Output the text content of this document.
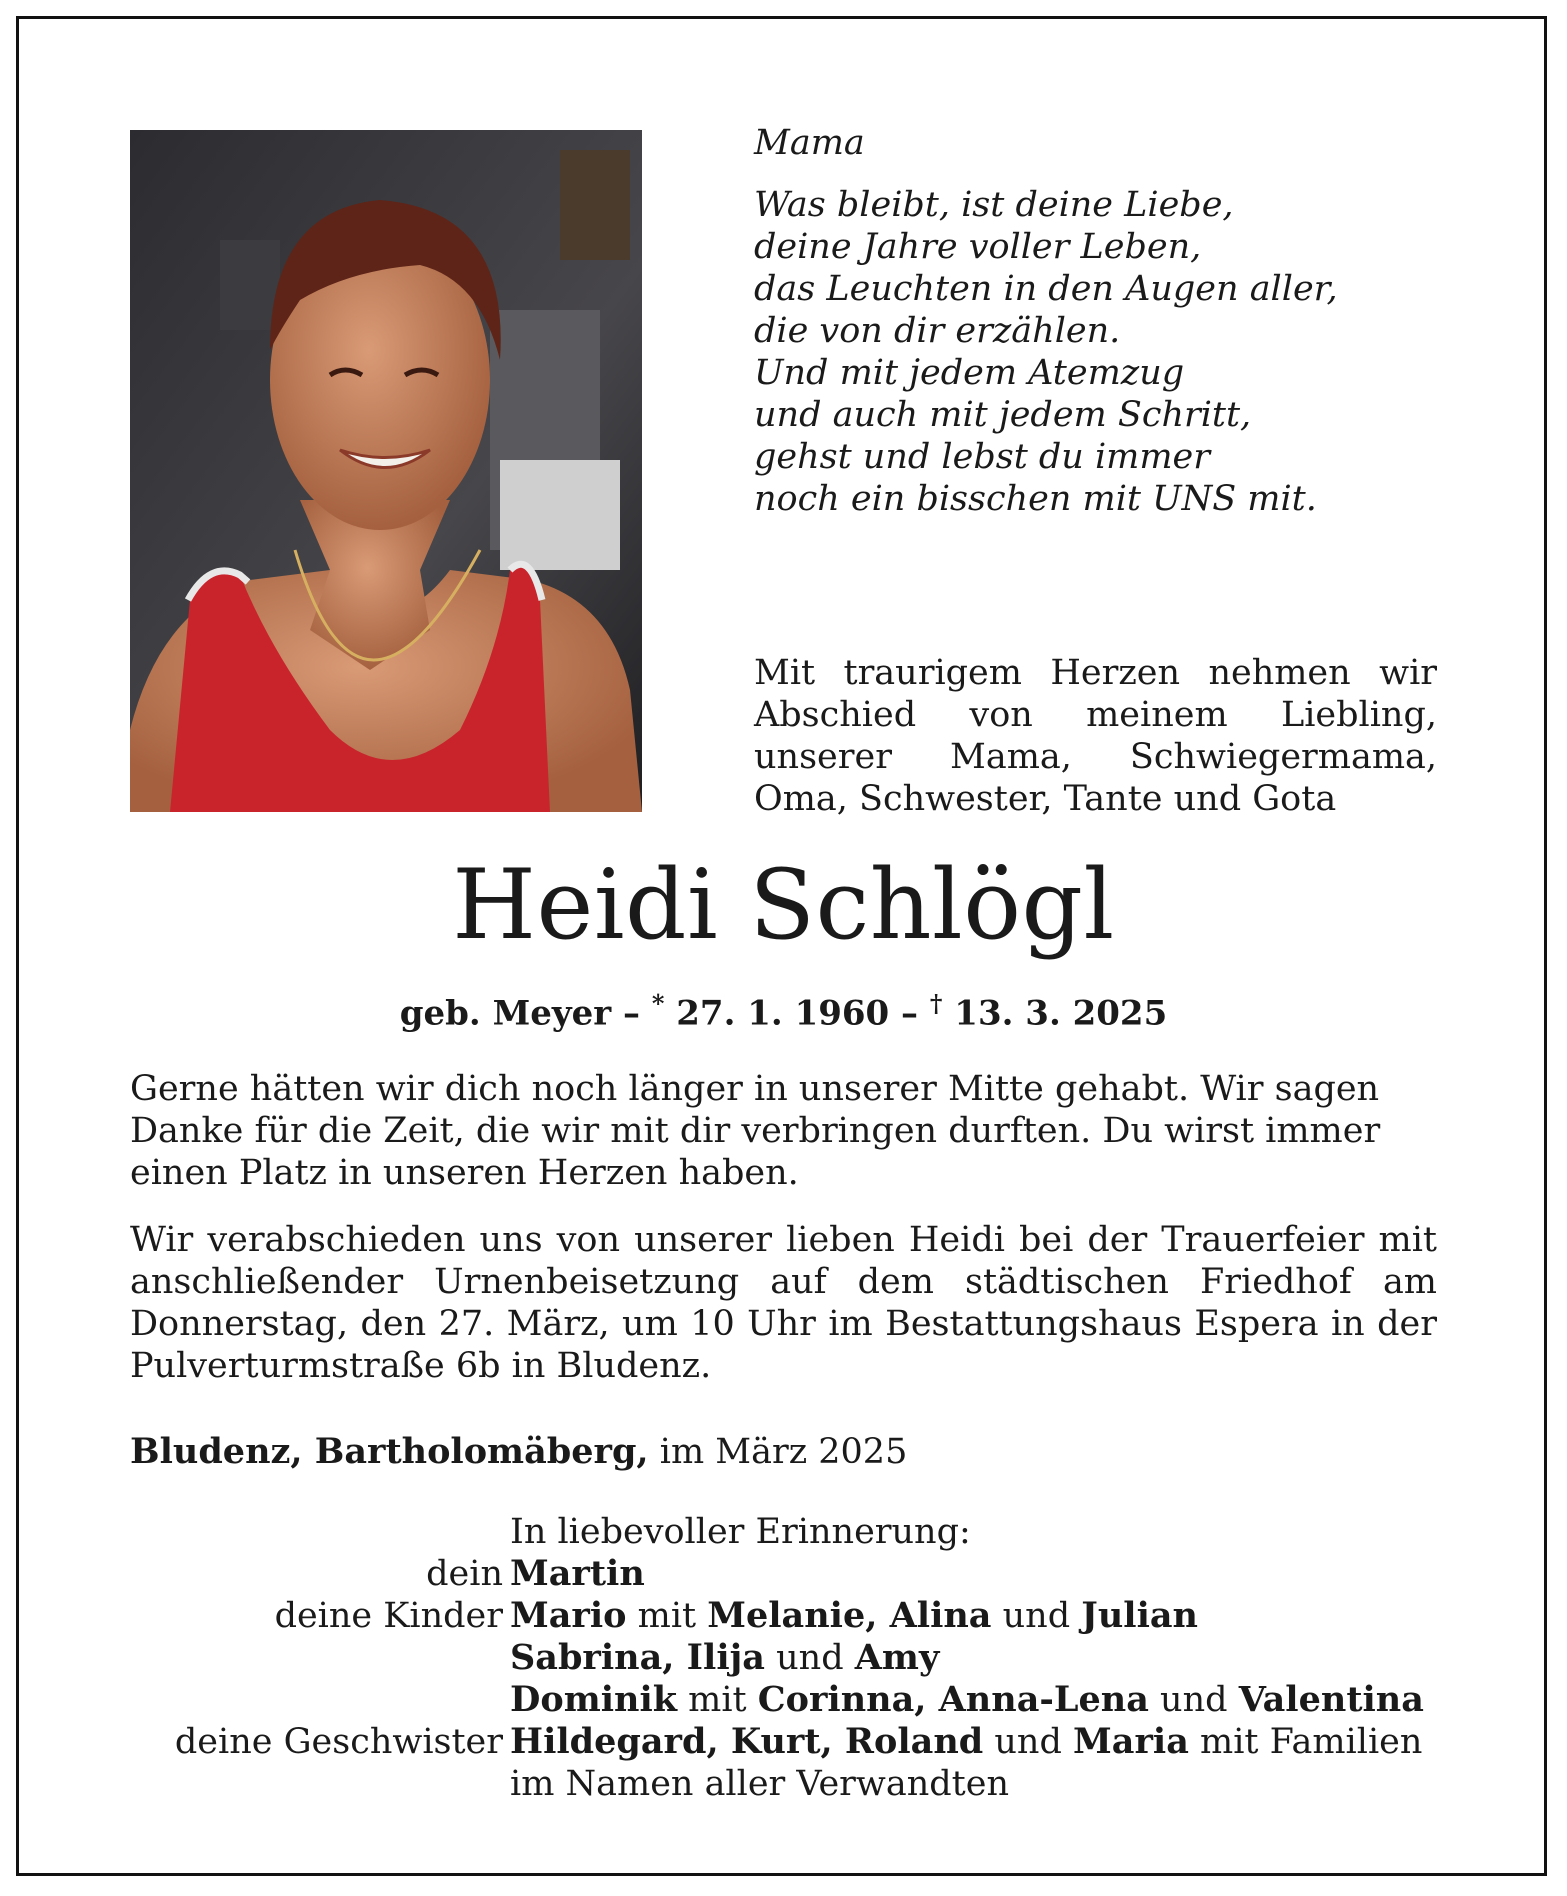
Mama
Was bleibt, ist deine Liebe,
deine Jahre voller Leben,
das Leuchten in den Augen aller,
die von dir erzählen.
Und mit jedem Atemzug
und auch mit jedem Schritt,
gehst und lebst du immer
noch ein bisschen mit UNS mit.
Mit traurigem Herzen nehmen wir Abschied von meinem Liebling, unserer Mama, Schwiegermama, Oma, Schwester, Tante und Gota
Heidi Schlögl
geb. Meyer – * 27. 1. 1960 – † 13. 3. 2025
Gerne hätten wir dich noch länger in unserer Mitte gehabt. Wir sagen Danke für die Zeit, die wir mit dir verbringen durften. Du wirst immer einen Platz in unseren Herzen haben.
Wir verabschieden uns von unserer lieben Heidi bei der Trauerfeier mit anschließender Urnenbeisetzung auf dem städtischen Friedhof am Donnerstag, den 27. März, um 10 Uhr im Bestattungshaus Espera in der Pulverturmstraße 6b in Bludenz.
Bludenz, Bartholomäberg, im März 2025
In liebevoller Erinnerung:
dein Martin
deine Kinder Mario mit Melanie, Alina und Julian
Sabrina, Ilija und Amy
Dominik mit Corinna, Anna-Lena und Valentina
deine Geschwister Hildegard, Kurt, Roland und Maria mit Familien
im Namen aller Verwandten
